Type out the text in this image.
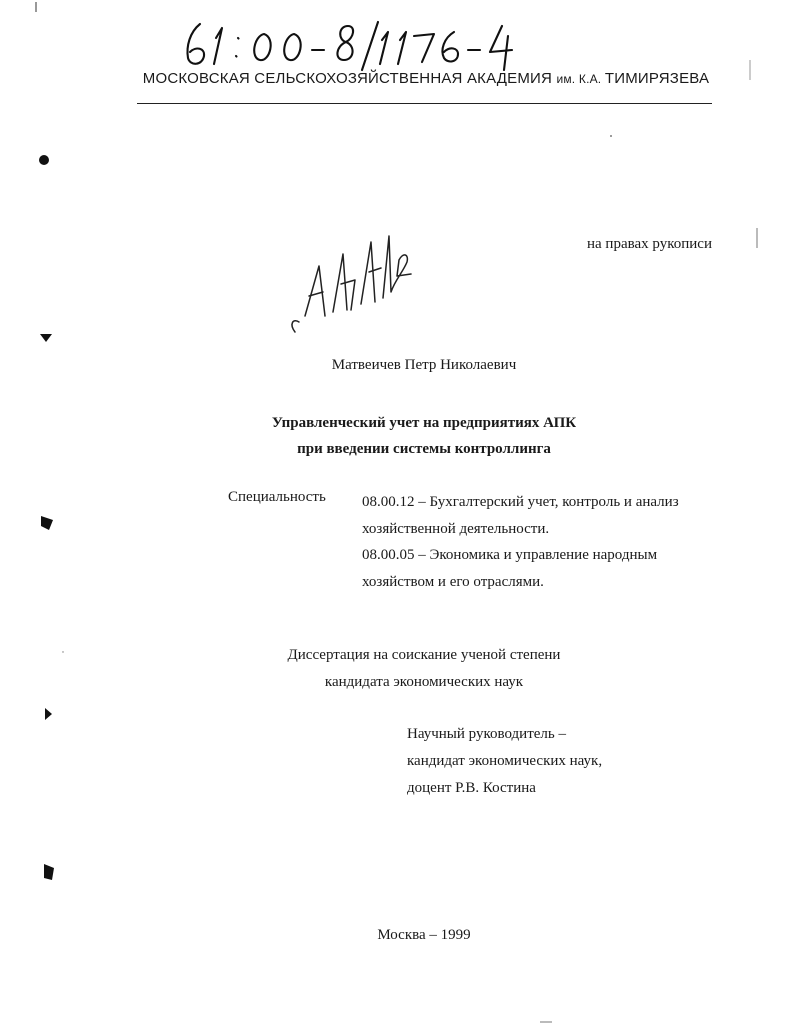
МОСКОВСКАЯ СЕЛЬСКОХОЗЯЙСТВЕННАЯ АКАДЕМИЯ им. К.А. ТИМИРЯЗЕВА
на правах рукописи
Матвеичев Петр Николаевич
Управленческий учет на предприятиях АПК
при введении системы контроллинга
Специальность 08.00.12 – Бухгалтерский учет, контроль и анализ
хозяйственной деятельности.
08.00.05 – Экономика и управление народным
хозяйством и его отраслями.
Диссертация на соискание ученой степени
кандидата экономических наук
Научный руководитель –
кандидат экономических наук,
доцент Р.В. Костина
Москва – 1999
